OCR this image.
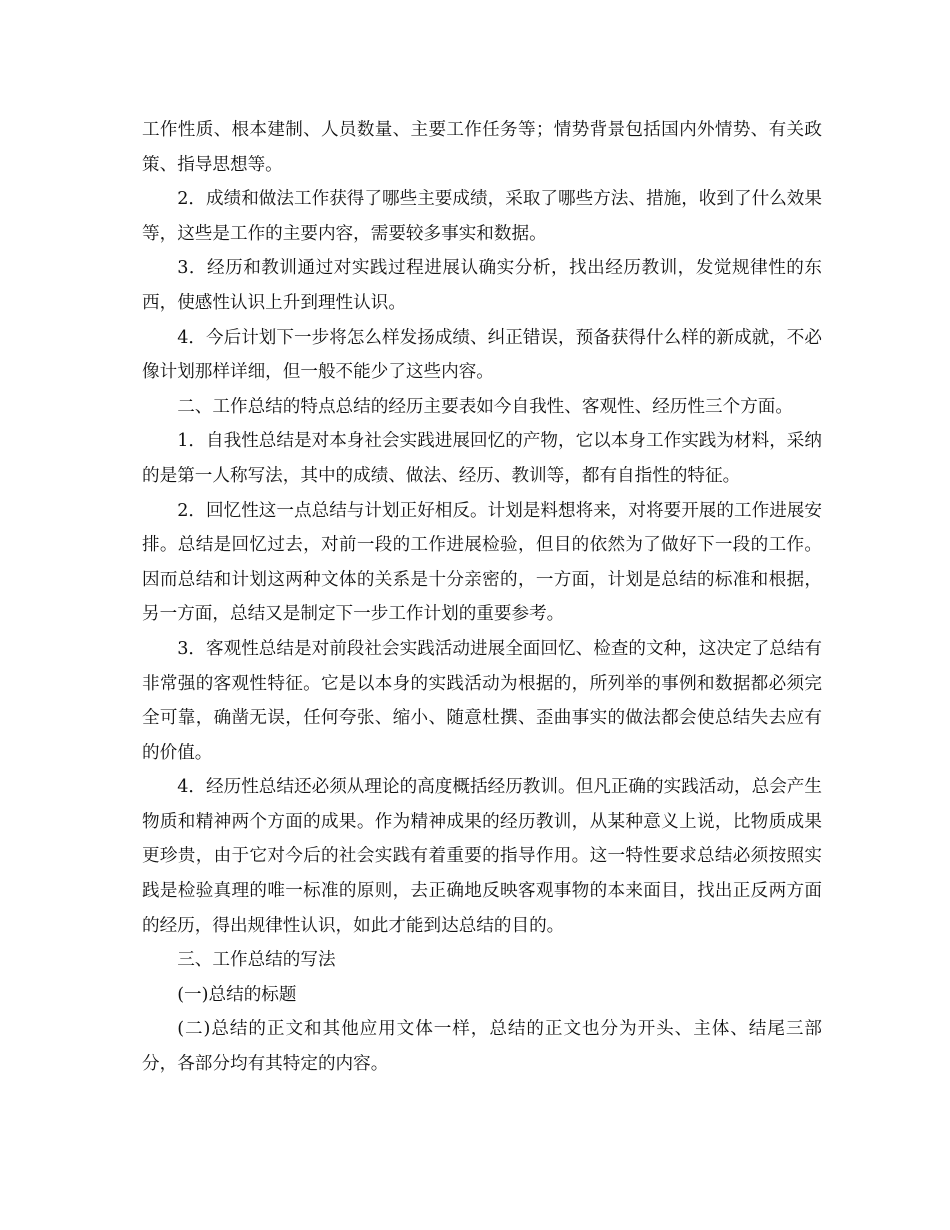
工作性质、根本建制、人员数量、主要工作任务等；情势背景包括国内外情势、有关政策、指导思想等。

2．成绩和做法工作获得了哪些主要成绩，采取了哪些方法、措施，收到了什么效果等，这些是工作的主要内容，需要较多事实和数据。

3．经历和教训通过对实践过程进展认确实分析，找出经历教训，发觉规律性的东西，使感性认识上升到理性认识。

4．今后计划下一步将怎么样发扬成绩、纠正错误，预备获得什么样的新成就，不必像计划那样详细，但一般不能少了这些内容。

二、工作总结的特点总结的经历主要表如今自我性、客观性、经历性三个方面。

1．自我性总结是对本身社会实践进展回忆的产物，它以本身工作实践为材料，采纳的是第一人称写法，其中的成绩、做法、经历、教训等，都有自指性的特征。

2．回忆性这一点总结与计划正好相反。计划是料想将来，对将要开展的工作进展安排。总结是回忆过去，对前一段的工作进展检验，但目的依然为了做好下一段的工作。因而总结和计划这两种文体的关系是十分亲密的，一方面，计划是总结的标准和根据，另一方面，总结又是制定下一步工作计划的重要参考。

3．客观性总结是对前段社会实践活动进展全面回忆、检查的文种，这决定了总结有非常强的客观性特征。它是以本身的实践活动为根据的，所列举的事例和数据都必须完全可靠，确凿无误，任何夸张、缩小、随意杜撰、歪曲事实的做法都会使总结失去应有的价值。

4．经历性总结还必须从理论的高度概括经历教训。但凡正确的实践活动，总会产生物质和精神两个方面的成果。作为精神成果的经历教训，从某种意义上说，比物质成果更珍贵，由于它对今后的社会实践有着重要的指导作用。这一特性要求总结必须按照实践是检验真理的唯一标准的原则，去正确地反映客观事物的本来面目，找出正反两方面的经历，得出规律性认识，如此才能到达总结的目的。

三、工作总结的写法

(一)总结的标题

(二)总结的正文和其他应用文体一样，总结的正文也分为开头、主体、结尾三部分，各部分均有其特定的内容。
